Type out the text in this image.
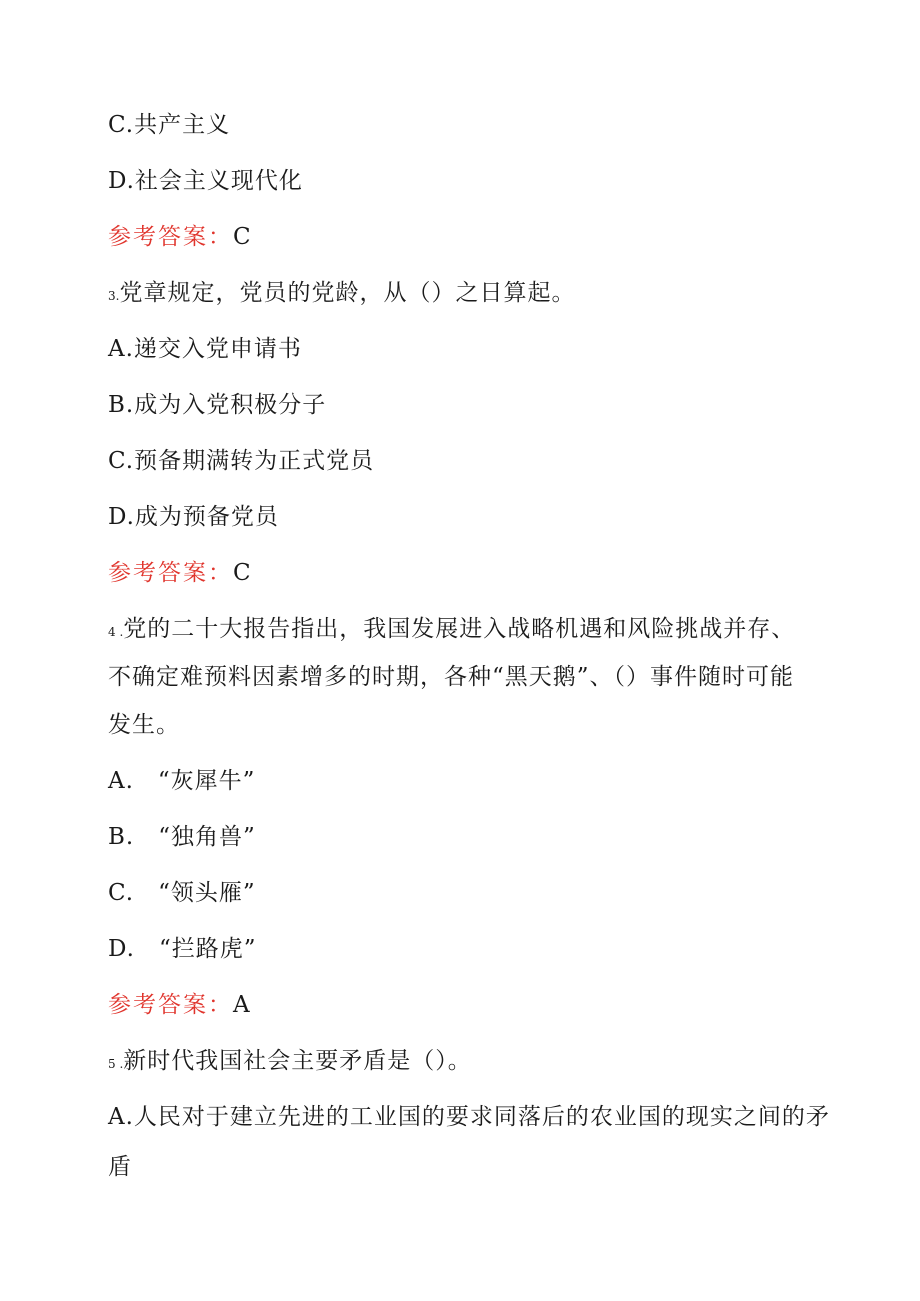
C.共产主义
D.社会主义现代化
参考答案：C
3.党章规定，党员的党龄，从（）之日算起。
A.递交入党申请书
B.成为入党积极分子
C.预备期满转为正式党员
D.成为预备党员
参考答案：C
4 .党的二十大报告指出，我国发展进入战略机遇和风险挑战并存、
不确定难预料因素增多的时期，各种“黑天鹅”、（）事件随时可能
发生。
A. “灰犀牛”
B. “独角兽”
C. “领头雁”
D. “拦路虎”
参考答案：A
5 .新时代我国社会主要矛盾是（）。
A.人民对于建立先进的工业国的要求同落后的农业国的现实之间的矛
盾
